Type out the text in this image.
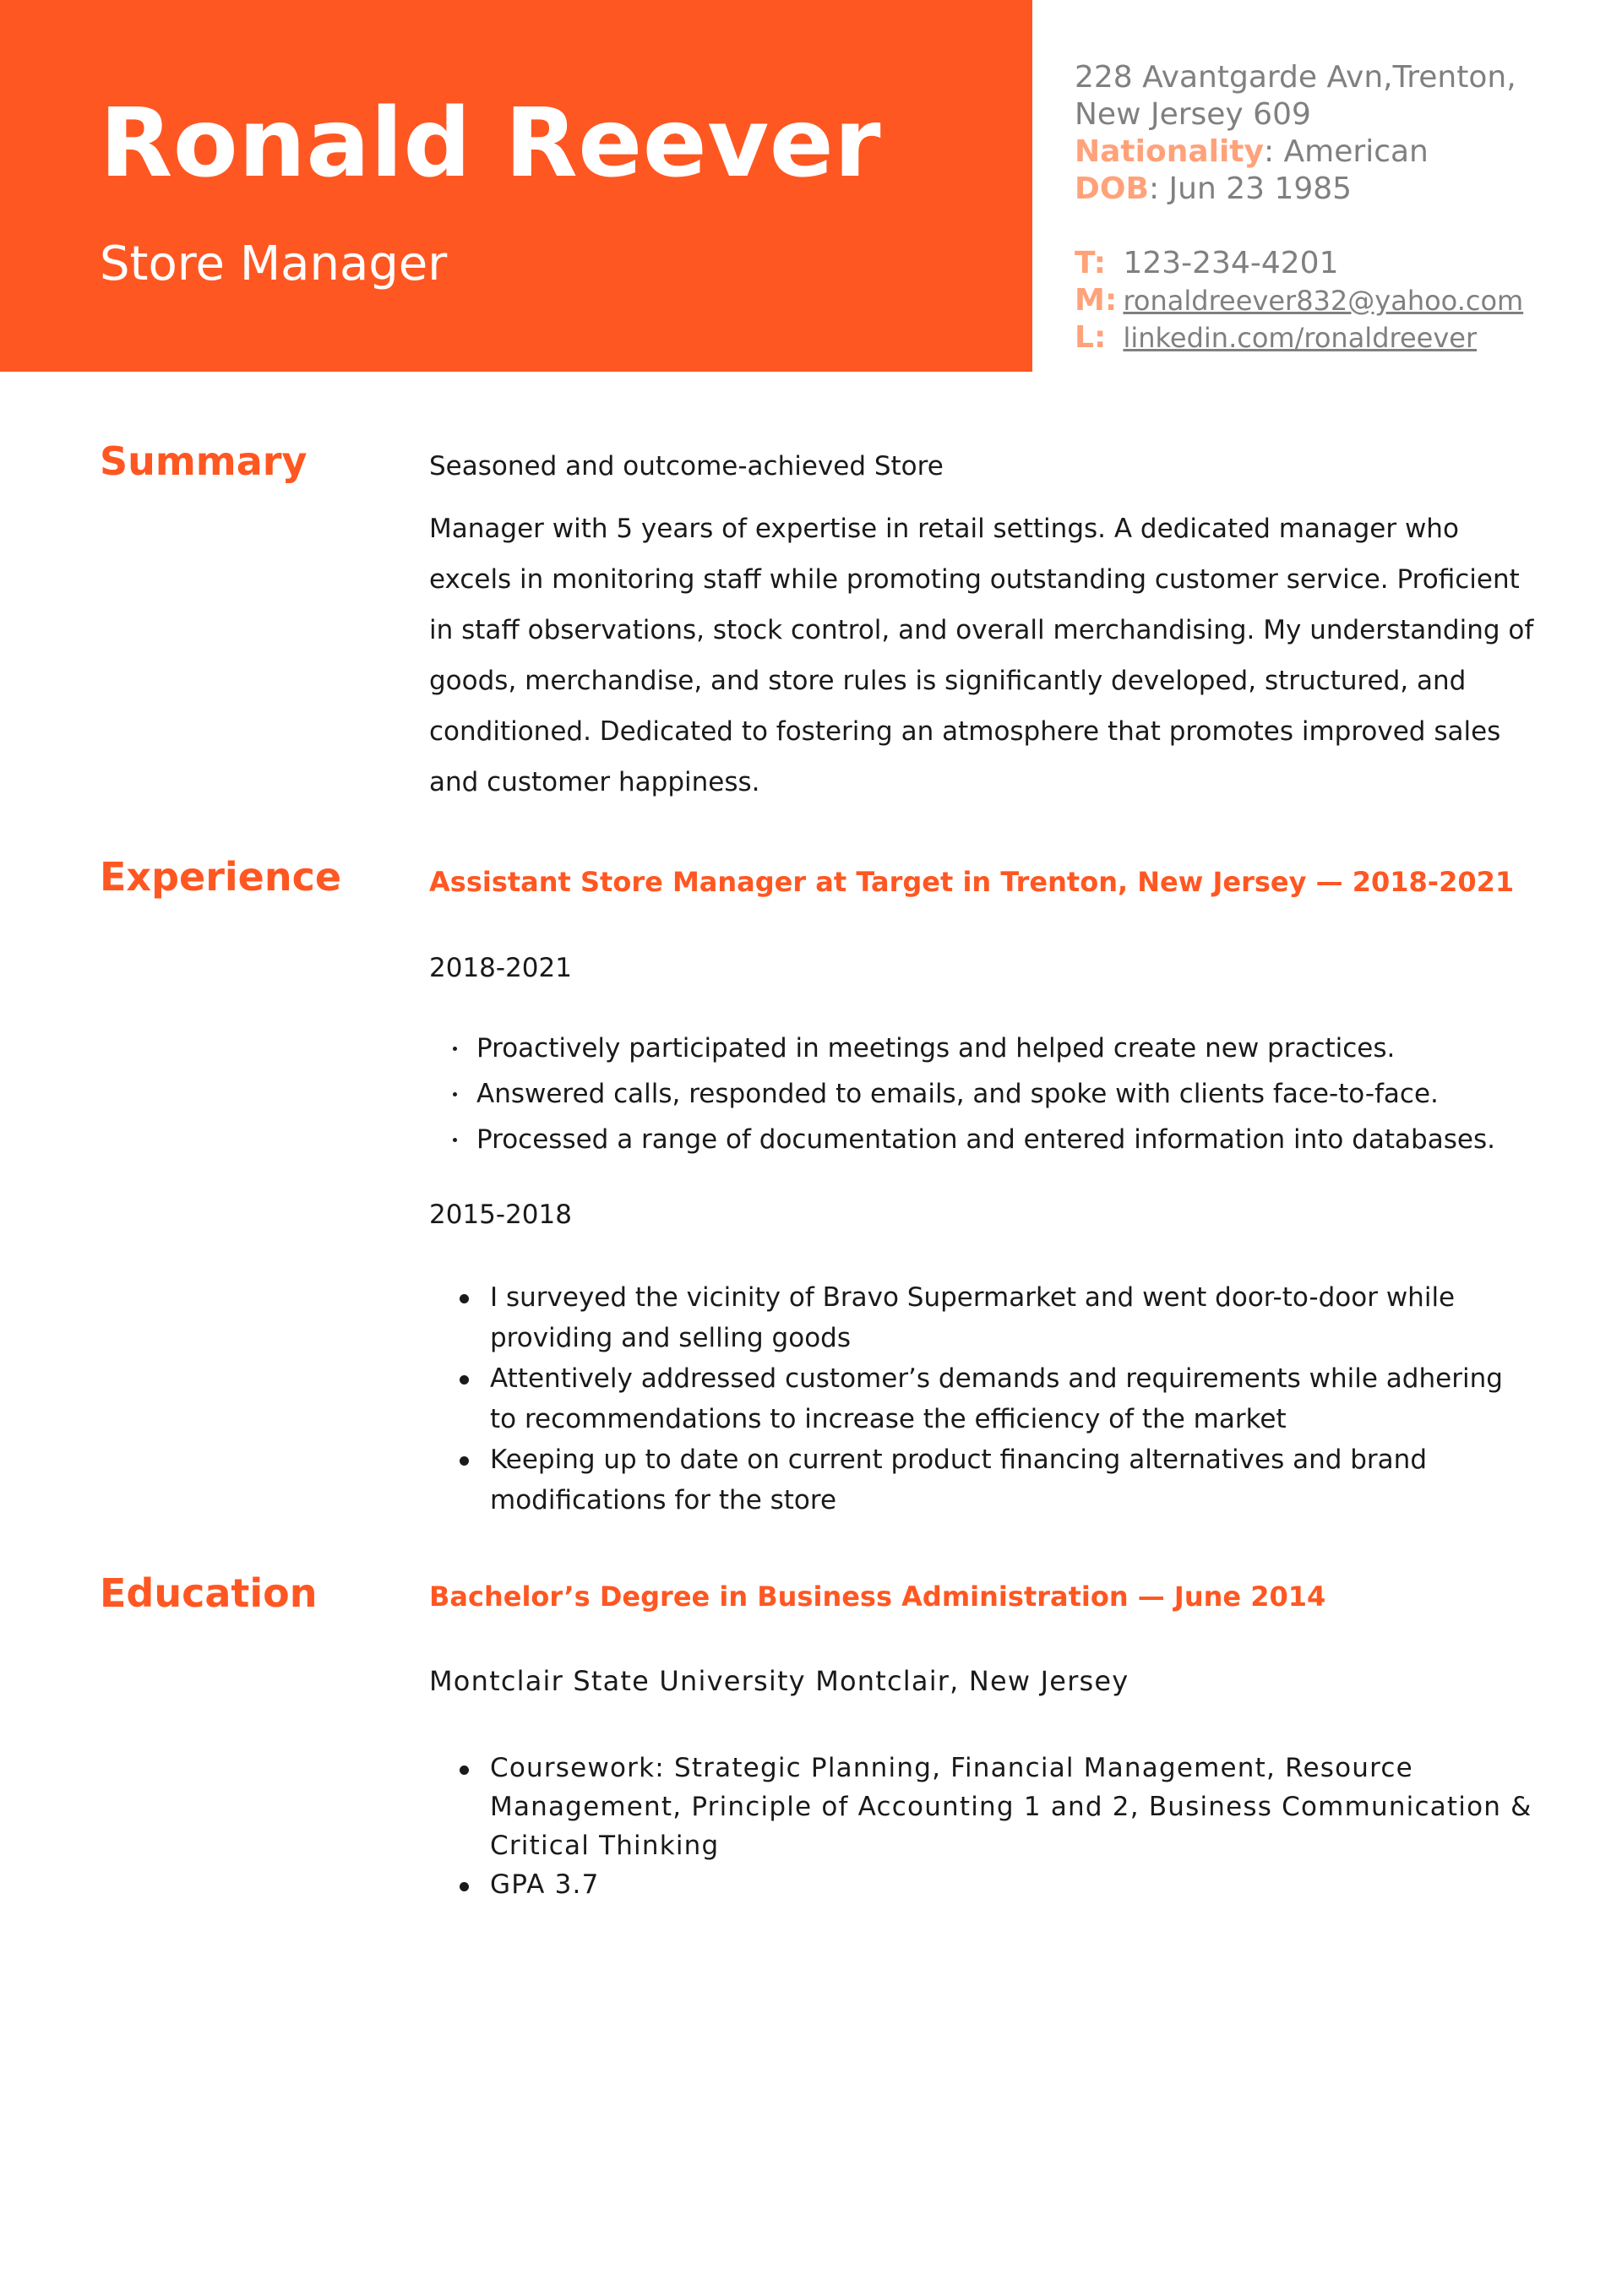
Ronald Reever
Store Manager
228 Avantgarde Avn,Trenton,
New Jersey 609
Nationality: American
DOB: Jun 23 1985
T: 123-234-4201
M: ronaldreever832@yahoo.com
L: linkedin.com/ronaldreever
Summary	Seasoned and outcome-achieved Store

Manager with 5 years of expertise in retail settings. A dedicated manager who excels in monitoring staff while promoting outstanding customer service. Proficient in staff observations, stock control, and overall merchandising. My understanding of goods, merchandise, and store rules is significantly developed, structured, and conditioned. Dedicated to fostering an atmosphere that promotes improved sales and customer happiness.

Experience	Assistant Store Manager at Target in Trenton, New Jersey — 2018-2021

2018-2021

Proactively participated in meetings and helped create new practices.
Answered calls, responded to emails, and spoke with clients face-to-face.
Processed a range of documentation and entered information into databases.

2015-2018

I surveyed the vicinity of Bravo Supermarket and went door-to-door while providing and selling goods
Attentively addressed customer’s demands and requirements while adhering to recommendations to increase the efficiency of the market
Keeping up to date on current product financing alternatives and brand modifications for the store
Education	Bachelor’s Degree in Business Administration — June 2014

Montclair State University Montclair, New Jersey

Coursework: Strategic Planning, Financial Management, Resource Management, Principle of Accounting 1 and 2, Business Communication & Critical Thinking
GPA 3.7
